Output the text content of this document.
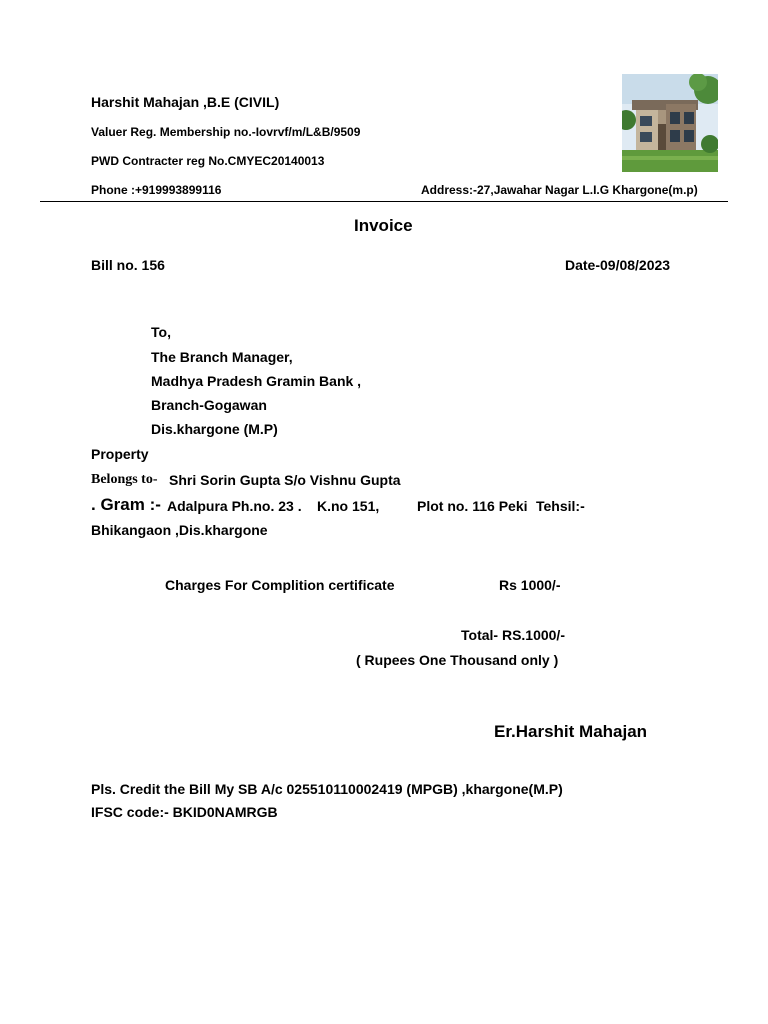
Harshit Mahajan ,B.E (CIVIL)
Valuer Reg. Membership no.-Iovrvf/m/L&B/9509
PWD Contracter reg No.CMYEC20140013
Phone :+919993899116	Address:-27,Jawahar Nagar L.I.G Khargone(m.p)
Invoice
Bill no. 156	Date-09/08/2023
To,
The Branch Manager,
Madhya Pradesh Gramin Bank ,
Branch-Gogawan
Dis.khargone (M.P)
Property
Belongs to- Shri Sorin Gupta S/o Vishnu Gupta
. Gram :- Adalpura Ph.no. 23 . K.no 151,	Plot no. 116 Peki Tehsil:-
Bhikangaon ,Dis.khargone
Charges For Complition certificate	Rs 1000/-
Total- RS.1000/-
( Rupees One Thousand only )
Er.Harshit Mahajan
Pls. Credit the Bill My SB A/c 025510110002419 (MPGB) ,khargone(M.P)
IFSC code:- BKID0NAMRGB
